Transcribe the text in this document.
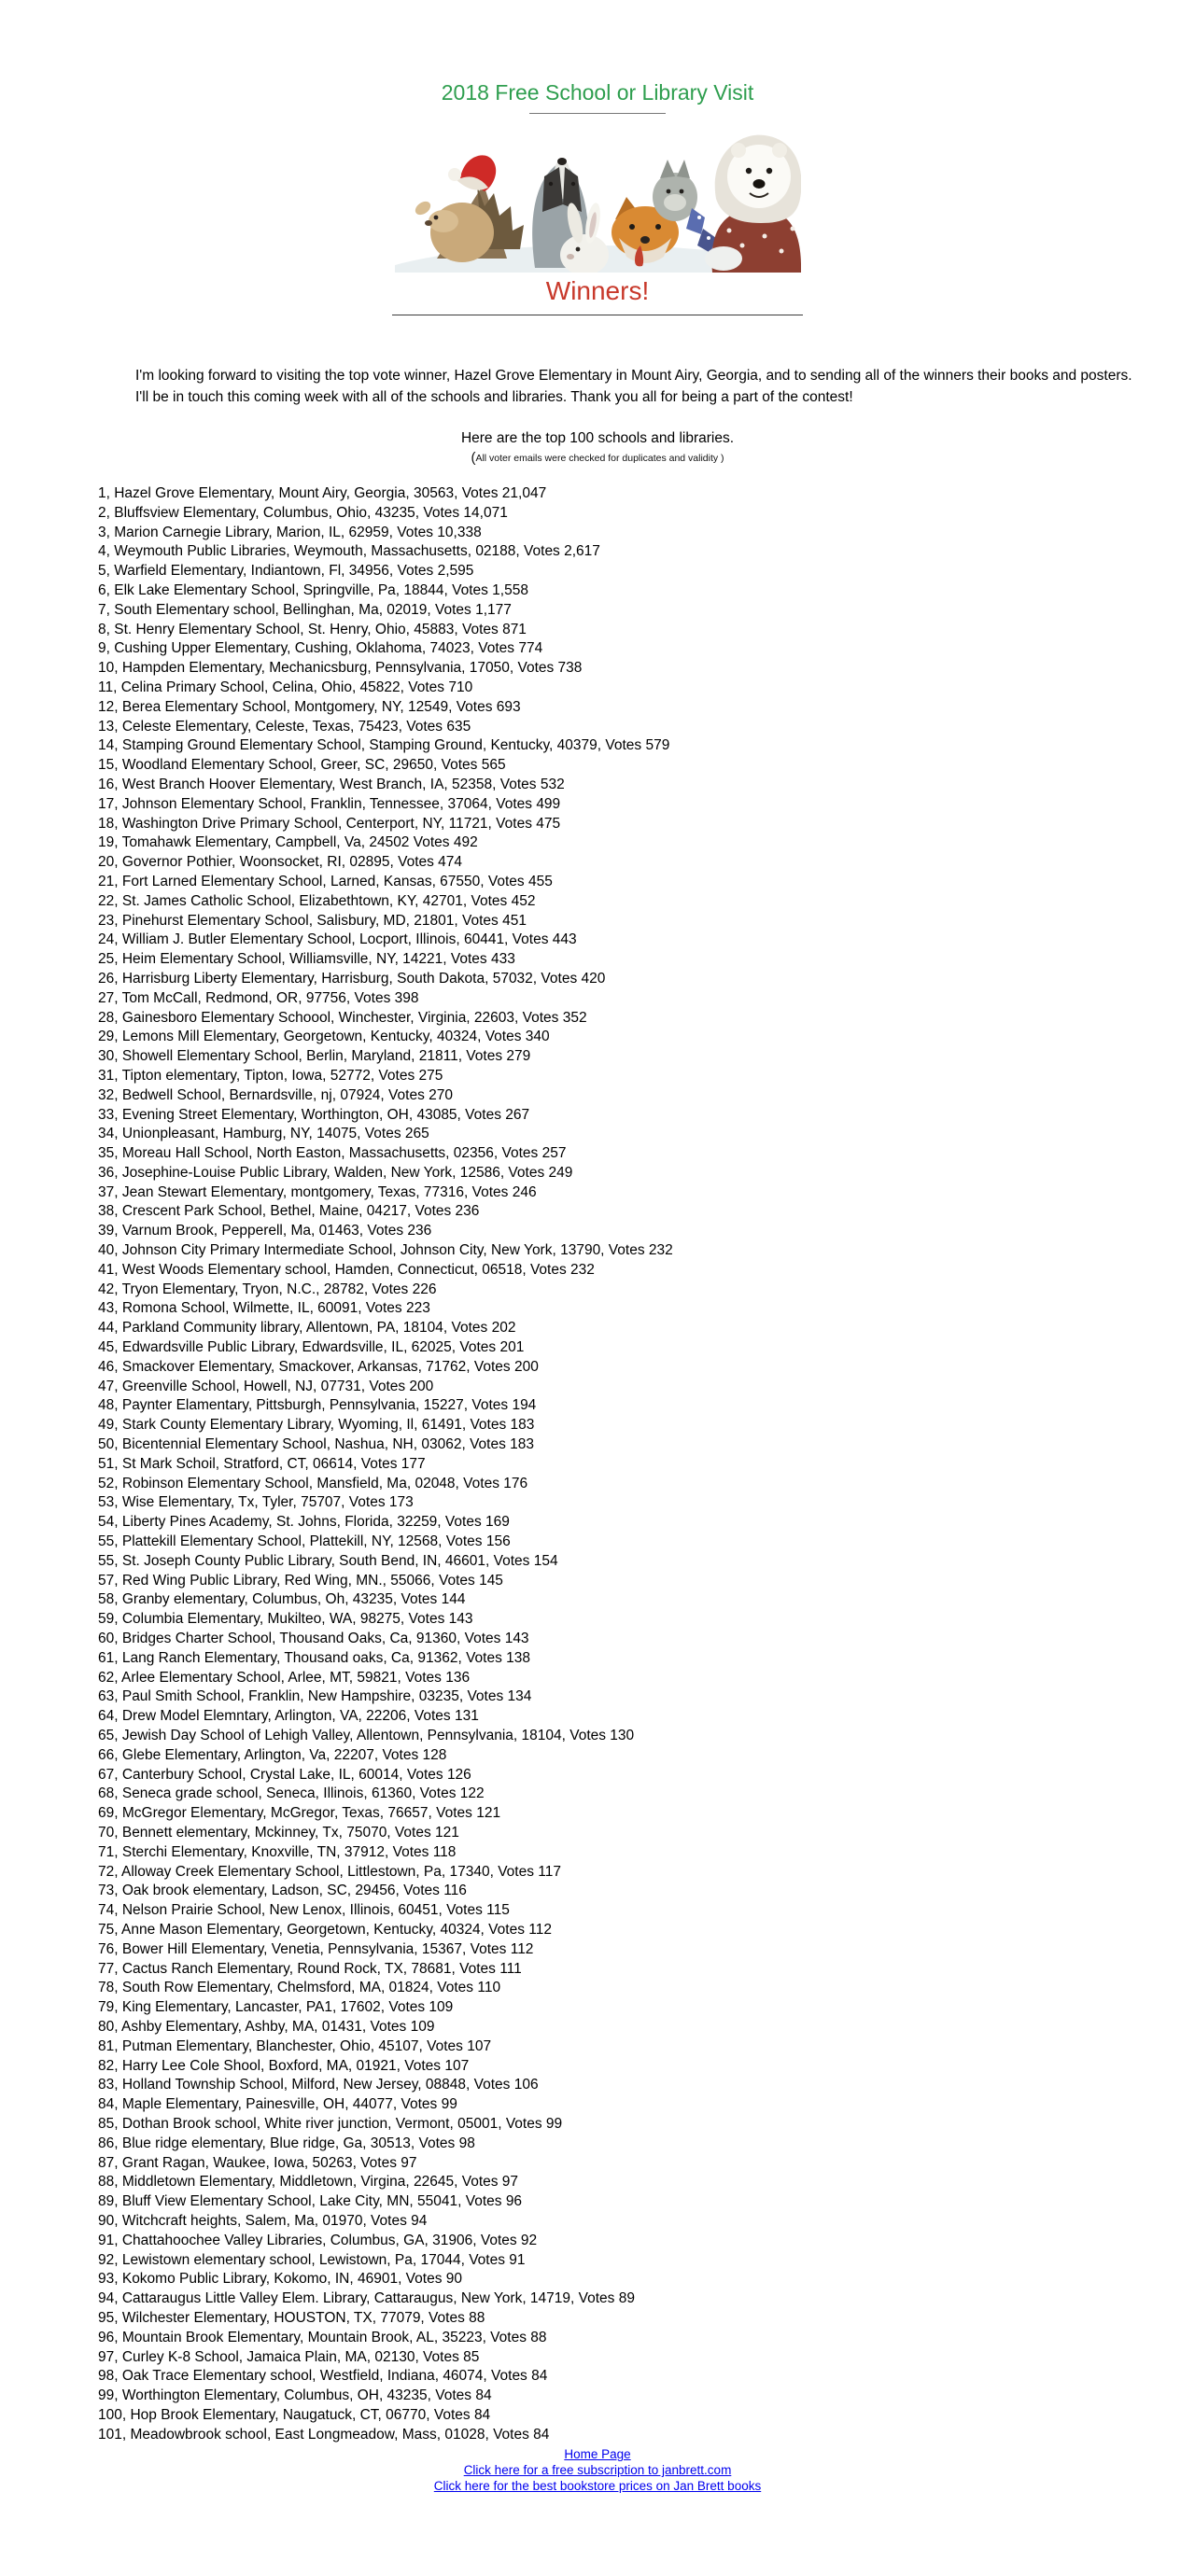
2018 Free School or Library Visit
Winners!

I'm looking forward to visiting the top vote winner, Hazel Grove Elementary in Mount Airy, Georgia, and to sending all of the winners their books and posters.

I'll be in touch this coming week with all of the schools and libraries. Thank you all for being a part of the contest!

Here are the top 100 schools and libraries.
(All voter emails were checked for duplicates and validity )
1, Hazel Grove Elementary, Mount Airy, Georgia, 30563, Votes 21,047
2, Bluffsview Elementary, Columbus, Ohio, 43235, Votes 14,071
3, Marion Carnegie Library, Marion, IL, 62959, Votes 10,338
4, Weymouth Public Libraries, Weymouth, Massachusetts, 02188, Votes 2,617
5, Warfield Elementary, Indiantown, Fl, 34956, Votes 2,595
6, Elk Lake Elementary School, Springville, Pa, 18844, Votes 1,558
7, South Elementary school, Bellinghan, Ma, 02019, Votes 1,177
8, St. Henry Elementary School, St. Henry, Ohio, 45883, Votes 871
9, Cushing Upper Elementary, Cushing, Oklahoma, 74023, Votes 774
10, Hampden Elementary, Mechanicsburg, Pennsylvania, 17050, Votes 738
11, Celina Primary School, Celina, Ohio, 45822, Votes 710
12, Berea Elementary School, Montgomery, NY, 12549, Votes 693
13, Celeste Elementary, Celeste, Texas, 75423, Votes 635
14, Stamping Ground Elementary School, Stamping Ground, Kentucky, 40379, Votes 579
15, Woodland Elementary School, Greer, SC, 29650, Votes 565
16, West Branch Hoover Elementary, West Branch, IA, 52358, Votes 532
17, Johnson Elementary School, Franklin, Tennessee, 37064, Votes 499
18, Washington Drive Primary School, Centerport, NY, 11721, Votes 475
19, Tomahawk Elementary, Campbell, Va, 24502 Votes 492
20, Governor Pothier, Woonsocket, RI, 02895, Votes 474
21, Fort Larned Elementary School, Larned, Kansas, 67550, Votes 455
22, St. James Catholic School, Elizabethtown, KY, 42701, Votes 452
23, Pinehurst Elementary School, Salisbury, MD, 21801, Votes 451
24, William J. Butler Elementary School, Locport, Illinois, 60441, Votes 443
25, Heim Elementary School, Williamsville, NY, 14221, Votes 433
26, Harrisburg Liberty Elementary, Harrisburg, South Dakota, 57032, Votes 420
27, Tom McCall, Redmond, OR, 97756, Votes 398
28, Gainesboro Elementary Schoool, Winchester, Virginia, 22603, Votes 352
29, Lemons Mill Elementary, Georgetown, Kentucky, 40324, Votes 340
30, Showell Elementary School, Berlin, Maryland, 21811, Votes 279
31, Tipton elementary, Tipton, Iowa, 52772, Votes 275
32, Bedwell School, Bernardsville, nj, 07924, Votes 270
33, Evening Street Elementary, Worthington, OH, 43085, Votes 267
34, Unionpleasant, Hamburg, NY, 14075, Votes 265
35, Moreau Hall School, North Easton, Massachusetts, 02356, Votes 257
36, Josephine-Louise Public Library, Walden, New York, 12586, Votes 249
37, Jean Stewart Elementary, montgomery, Texas, 77316, Votes 246
38, Crescent Park School, Bethel, Maine, 04217, Votes 236
39, Varnum Brook, Pepperell, Ma, 01463, Votes 236
40, Johnson City Primary Intermediate School, Johnson City, New York, 13790, Votes 232
41, West Woods Elementary school, Hamden, Connecticut, 06518, Votes 232
42, Tryon Elementary, Tryon, N.C., 28782, Votes 226
43, Romona School, Wilmette, IL, 60091, Votes 223
44, Parkland Community library, Allentown, PA, 18104, Votes 202
45, Edwardsville Public Library, Edwardsville, IL, 62025, Votes 201
46, Smackover Elementary, Smackover, Arkansas, 71762, Votes 200
47, Greenville School, Howell, NJ, 07731, Votes 200
48, Paynter Elamentary, Pittsburgh, Pennsylvania, 15227, Votes 194
49, Stark County Elementary Library, Wyoming, Il, 61491, Votes 183
50, Bicentennial Elementary School, Nashua, NH, 03062, Votes 183
51, St Mark Schoil, Stratford, CT, 06614, Votes 177
52, Robinson Elementary School, Mansfield, Ma, 02048, Votes 176
53, Wise Elementary, Tx, Tyler, 75707, Votes 173
54, Liberty Pines Academy, St. Johns, Florida, 32259, Votes 169
55, Plattekill Elementary School, Plattekill, NY, 12568, Votes 156
55, St. Joseph County Public Library, South Bend, IN, 46601, Votes 154
57, Red Wing Public Library, Red Wing, MN., 55066, Votes 145
58, Granby elementary, Columbus, Oh, 43235, Votes 144
59, Columbia Elementary, Mukilteo, WA, 98275, Votes 143
60, Bridges Charter School, Thousand Oaks, Ca, 91360, Votes 143
61, Lang Ranch Elementary, Thousand oaks, Ca, 91362, Votes 138
62, Arlee Elementary School, Arlee, MT, 59821, Votes 136
63, Paul Smith School, Franklin, New Hampshire, 03235, Votes 134
64, Drew Model Elemntary, Arlington, VA, 22206, Votes 131
65, Jewish Day School of Lehigh Valley, Allentown, Pennsylvania, 18104, Votes 130
66, Glebe Elementary, Arlington, Va, 22207, Votes 128
67, Canterbury School, Crystal Lake, IL, 60014, Votes 126
68, Seneca grade school, Seneca, Illinois, 61360, Votes 122
69, McGregor Elementary, McGregor, Texas, 76657, Votes 121
70, Bennett elementary, Mckinney, Tx, 75070, Votes 121
71, Sterchi Elementary, Knoxville, TN, 37912, Votes 118
72, Alloway Creek Elementary School, Littlestown, Pa, 17340, Votes 117
73, Oak brook elementary, Ladson, SC, 29456, Votes 116
74, Nelson Prairie School, New Lenox, Illinois, 60451, Votes 115
75, Anne Mason Elementary, Georgetown, Kentucky, 40324, Votes 112
76, Bower Hill Elementary, Venetia, Pennsylvania, 15367, Votes 112
77, Cactus Ranch Elementary, Round Rock, TX, 78681, Votes 111
78, South Row Elementary, Chelmsford, MA, 01824, Votes 110
79, King Elementary, Lancaster, PA1, 17602, Votes 109
80, Ashby Elementary, Ashby, MA, 01431, Votes 109
81, Putman Elementary, Blanchester, Ohio, 45107, Votes 107
82, Harry Lee Cole Shool, Boxford, MA, 01921, Votes 107
83, Holland Township School, Milford, New Jersey, 08848, Votes 106
84, Maple Elementary, Painesville, OH, 44077, Votes 99
85, Dothan Brook school, White river junction, Vermont, 05001, Votes 99
86, Blue ridge elementary, Blue ridge, Ga, 30513, Votes 98
87, Grant Ragan, Waukee, Iowa, 50263, Votes 97
88, Middletown Elementary, Middletown, Virgina, 22645, Votes 97
89, Bluff View Elementary School, Lake City, MN, 55041, Votes 96
90, Witchcraft heights, Salem, Ma, 01970, Votes 94
91, Chattahoochee Valley Libraries, Columbus, GA, 31906, Votes 92
92, Lewistown elementary school, Lewistown, Pa, 17044, Votes 91
93, Kokomo Public Library, Kokomo, IN, 46901, Votes 90
94, Cattaraugus Little Valley Elem. Library, Cattaraugus, New York, 14719, Votes 89
95, Wilchester Elementary, HOUSTON, TX, 77079, Votes 88
96, Mountain Brook Elementary, Mountain Brook, AL, 35223, Votes 88
97, Curley K-8 School, Jamaica Plain, MA, 02130, Votes 85
98, Oak Trace Elementary school, Westfield, Indiana, 46074, Votes 84
99, Worthington Elementary, Columbus, OH, 43235, Votes 84
100, Hop Brook Elementary, Naugatuck, CT, 06770, Votes 84
101, Meadowbrook school, East Longmeadow, Mass, 01028, Votes 84
Home Page
Click here for a free subscription to janbrett.com
Click here for the best bookstore prices on Jan Brett books
